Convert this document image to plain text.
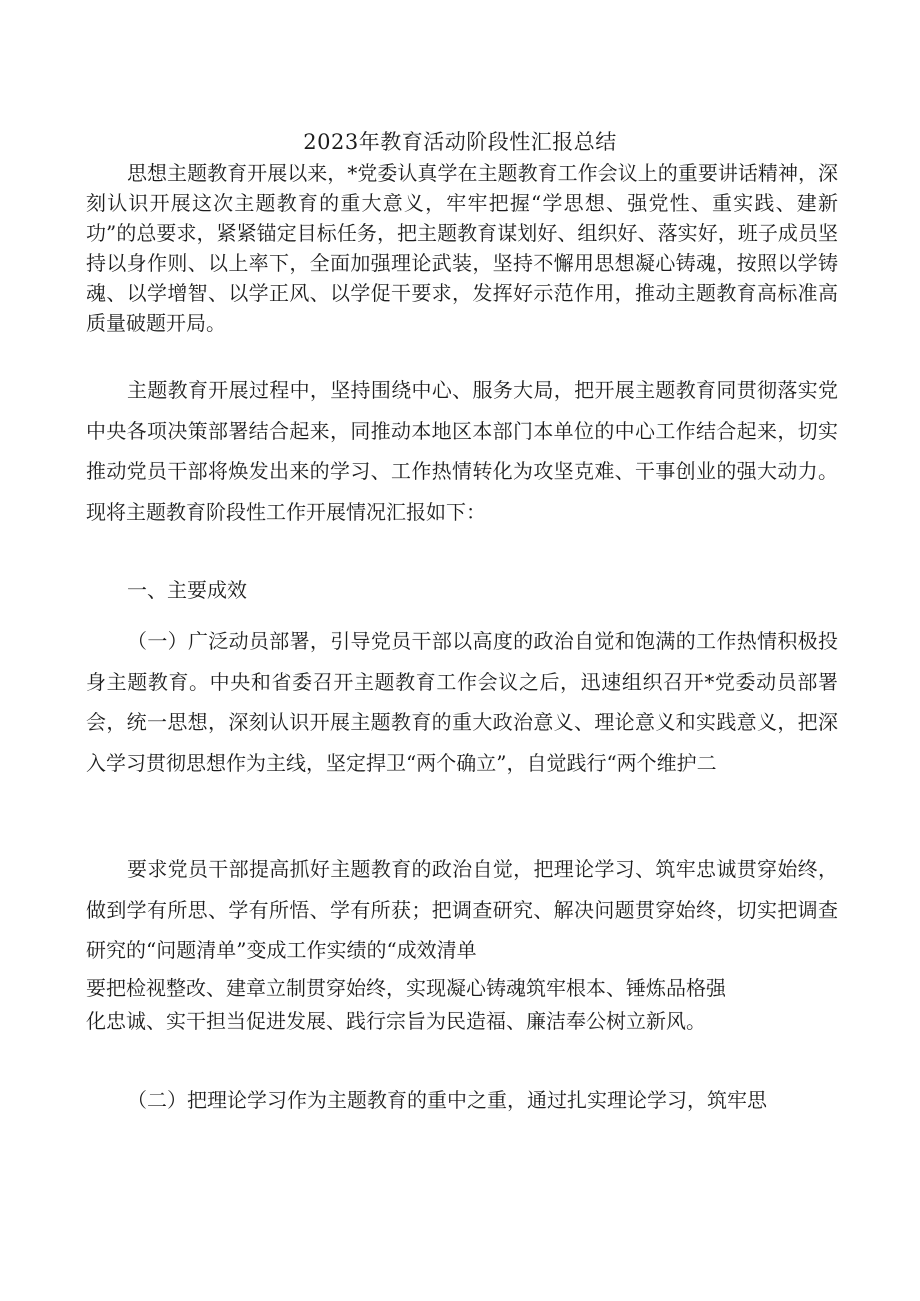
2023年教育活动阶段性汇报总结

思想主题教育开展以来，*党委认真学在主题教育工作会议上的重要讲话精神，深刻认识开展这次主题教育的重大意义，牢牢把握“学思想、强党性、重实践、建新功”的总要求，紧紧锚定目标任务，把主题教育谋划好、组织好、落实好，班子成员坚持以身作则、以上率下，全面加强理论武装，坚持不懈用思想凝心铸魂，按照以学铸魂、以学增智、以学正风、以学促干要求，发挥好示范作用，推动主题教育高标准高质量破题开局。

主题教育开展过程中，坚持围绕中心、服务大局，把开展主题教育同贯彻落实党中央各项决策部署结合起来，同推动本地区本部门本单位的中心工作结合起来，切实推动党员干部将焕发出来的学习、工作热情转化为攻坚克难、干事创业的强大动力。现将主题教育阶段性工作开展情况汇报如下：

一、主要成效

（一）广泛动员部署，引导党员干部以高度的政治自觉和饱满的工作热情积极投身主题教育。中央和省委召开主题教育工作会议之后，迅速组织召开*党委动员部署会，统一思想，深刻认识开展主题教育的重大政治意义、理论意义和实践意义，把深入学习贯彻思想作为主线，坚定捍卫“两个确立”，自觉践行“两个维护二

要求党员干部提高抓好主题教育的政治自觉，把理论学习、筑牢忠诚贯穿始终，做到学有所思、学有所悟、学有所获；把调查研究、解决问题贯穿始终，切实把调查研究的“问题清单”变成工作实绩的“成效清单

要把检视整改、建章立制贯穿始终，实现凝心铸魂筑牢根本、锤炼品格强
化忠诚、实干担当促进发展、践行宗旨为民造福、廉洁奉公树立新风。

（二）把理论学习作为主题教育的重中之重，通过扎实理论学习，筑牢思
